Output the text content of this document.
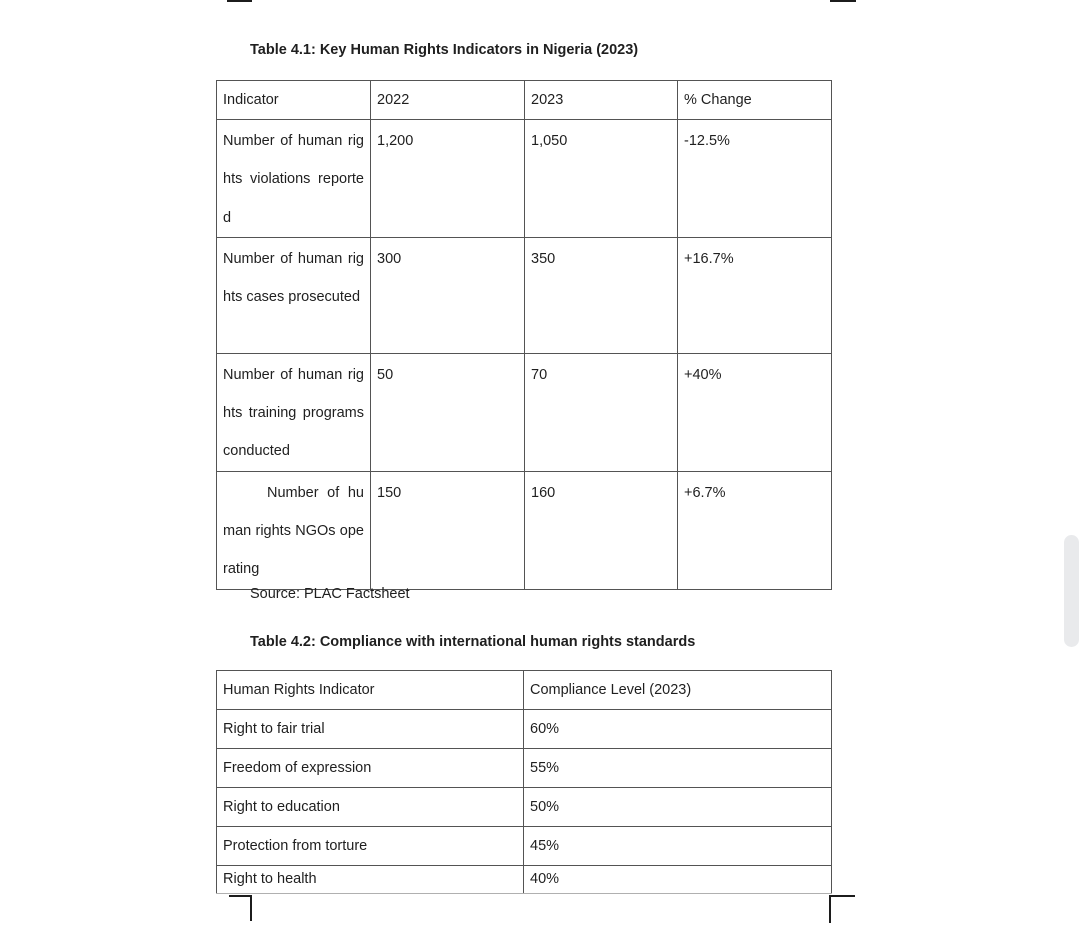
Table 4.1: Key Human Rights Indicators in Nigeria (2023)

Indicator	2022	2023	% Change
Number of human rights violations reported	1,200	1,050	-12.5%
Number of human rights cases prosecuted	300	350	+16.7%
Number of human rights training programs conducted	50	70	+40%
Number of human rights NGOs operating	150	160	+6.7%

Source: PLAC Factsheet

Table 4.2: Compliance with international human rights standards

Human Rights Indicator	Compliance Level (2023)
Right to fair trial	60%
Freedom of expression	55%
Right to education	50%
Protection from torture	45%
Right to health	40%
